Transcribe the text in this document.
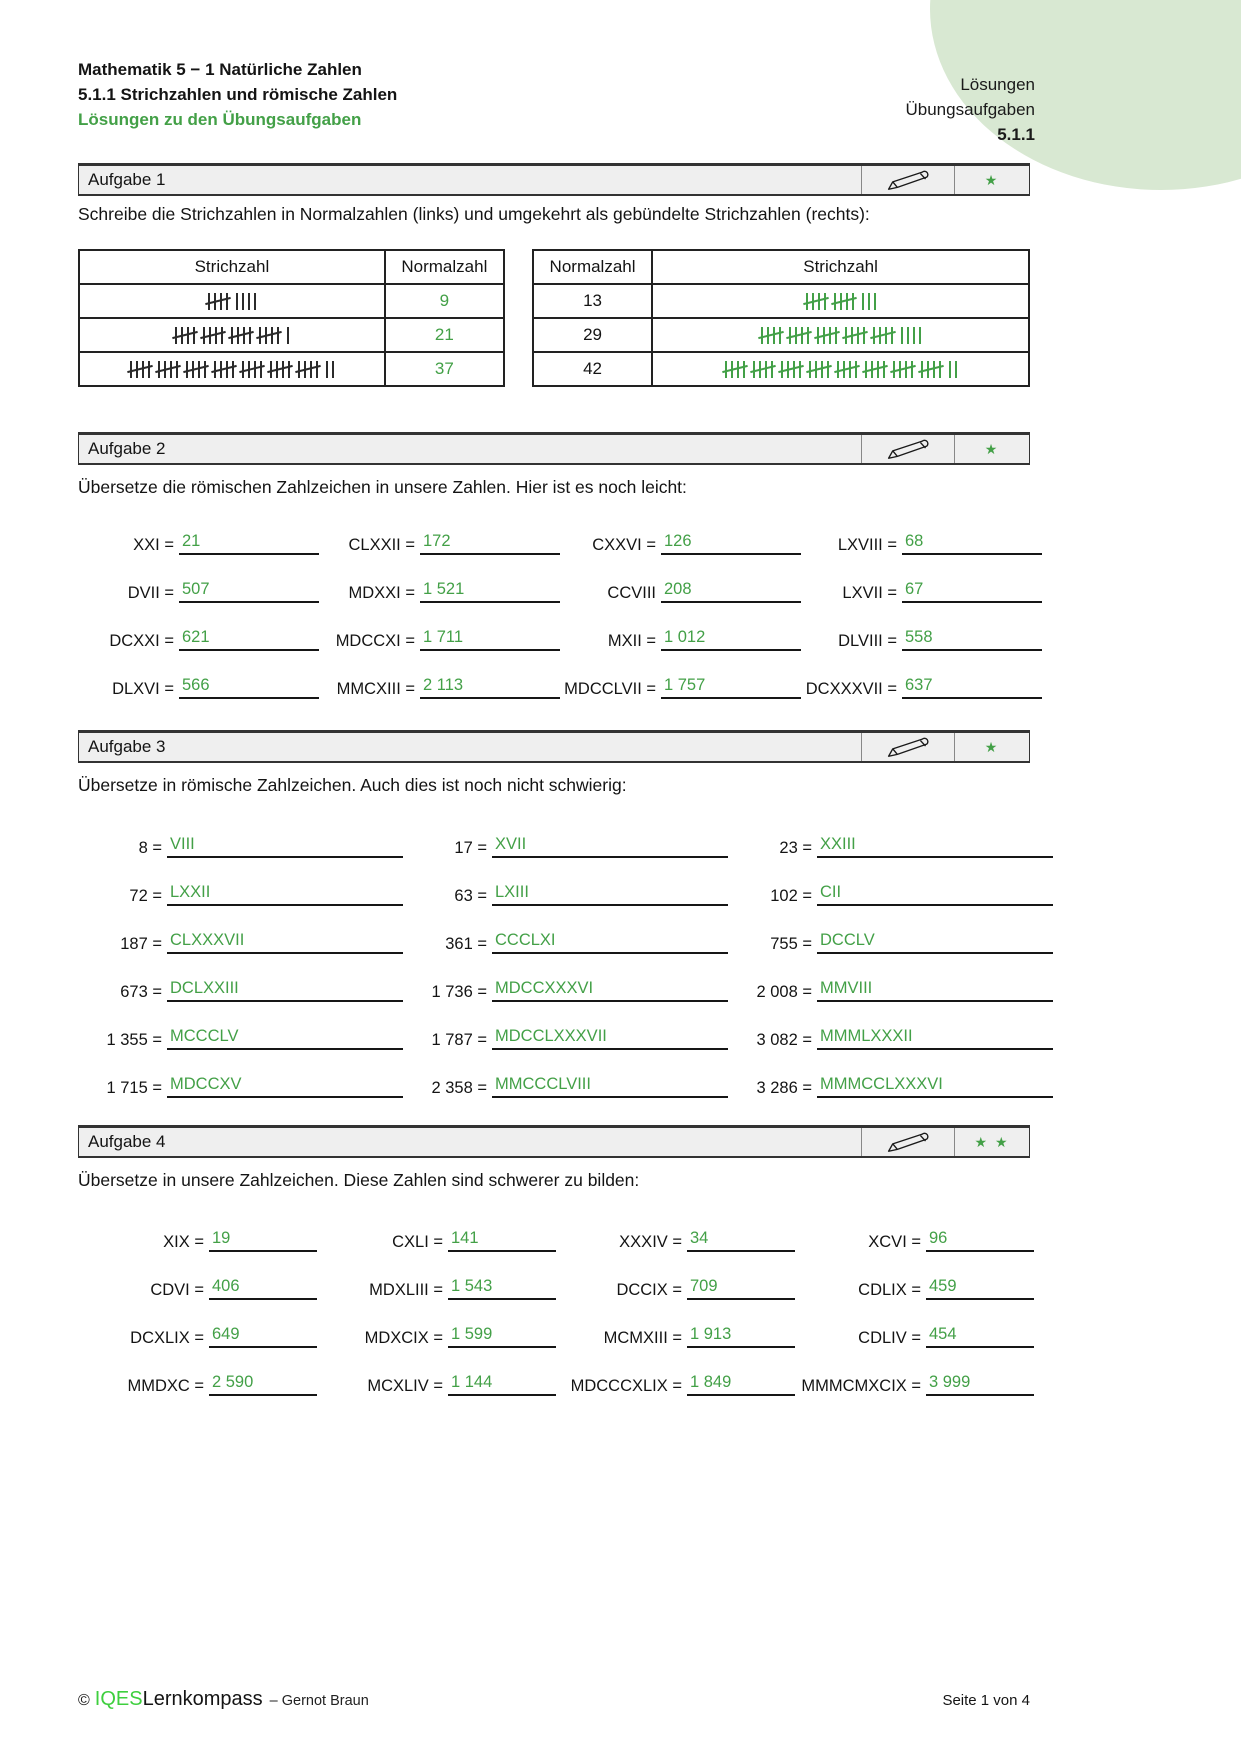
Lösungen
Übungsaufgaben
5.1.1
Mathematik 5 − 1 Natürliche Zahlen
5.1.1 Strichzahlen und römische Zahlen
Lösungen zu den Übungsaufgaben
Aufgabe 1	★
Schreibe die Strichzahlen in Normalzahlen (links) und umgekehrt als gebündelte Strichzahlen (rechts):
Strichzahl	Normalzahl

	9

	21

	37
Normalzahl	Strichzahl
13	

29	

42	
Aufgabe 2	★
Übersetze die römischen Zahlzeichen in unsere Zahlen. Hier ist es noch leicht:
XXI = 21	CLXXII = 172	CXXVI = 126	LXVIII = 68
DVII = 507	MDXXI = 1 521	CCVIII 208	LXVII = 67
DCXXI = 621	MDCCXI = 1 711	MXII = 1 012	DLVIII = 558
DLXVI = 566	MMCXIII = 2 113	MDCCLVII = 1 757	DCXXXVII = 637
Aufgabe 3	★
Übersetze in römische Zahlzeichen. Auch dies ist noch nicht schwierig:
8 = VIII	17 = XVII	23 = XXIII
72 = LXXII	63 = LXIII	102 = CII
187 = CLXXXVII	361 = CCCLXI	755 = DCCLV
673 = DCLXXIII	1 736 = MDCCXXXVI	2 008 = MMVIII
1 355 = MCCCLV	1 787 = MDCCLXXXVII	3 082 = MMMLXXXII
1 715 = MDCCXV	2 358 = MMCCCLVIII	3 286 = MMMCCLXXXVI
Aufgabe 4	★ ★
Übersetze in unsere Zahlzeichen. Diese Zahlen sind schwerer zu bilden:
XIX = 19	CXLI = 141	XXXIV = 34	XCVI = 96
CDVI = 406	MDXLIII = 1 543	DCCIX = 709	CDLIX = 459
DCXLIX = 649	MDXCIX = 1 599	MCMXIII = 1 913	CDLIV = 454
MMDXC = 2 590	MCXLIV = 1 144	MDCCCXLIX = 1 849	MMMCMXCIX = 3 999
© IQES Lernkompass – Gernot Braun	Seite 1 von 4
